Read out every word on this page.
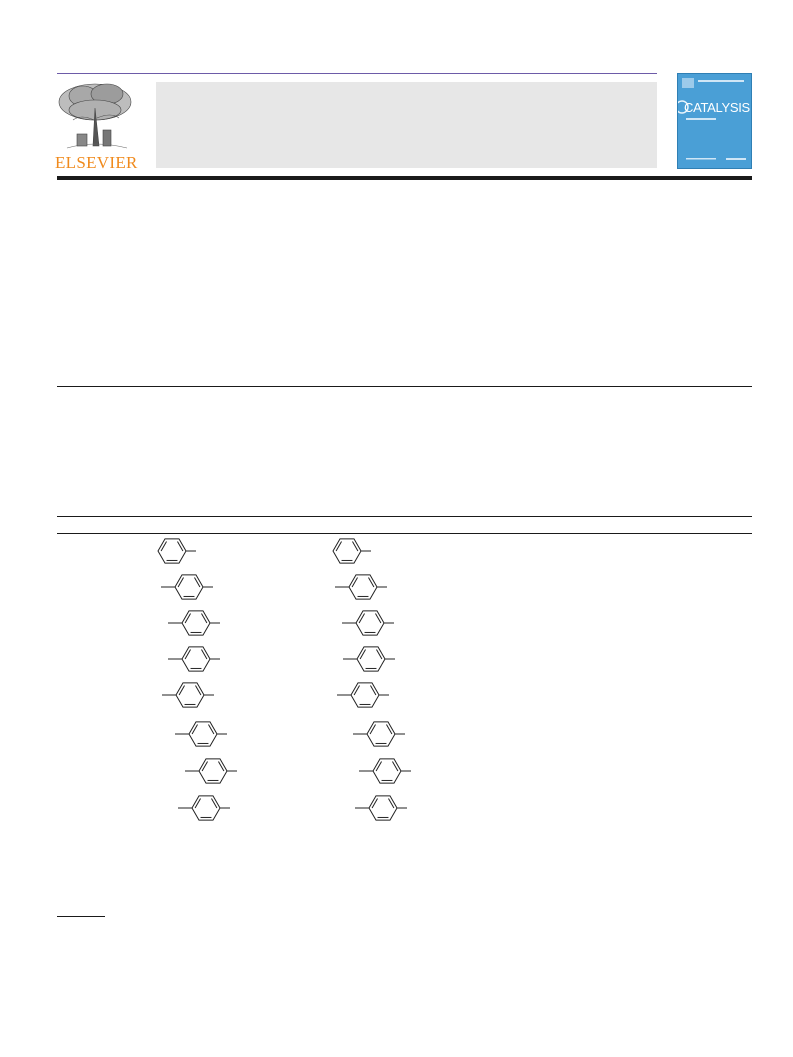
ELSEVIER
CATALYSIS
